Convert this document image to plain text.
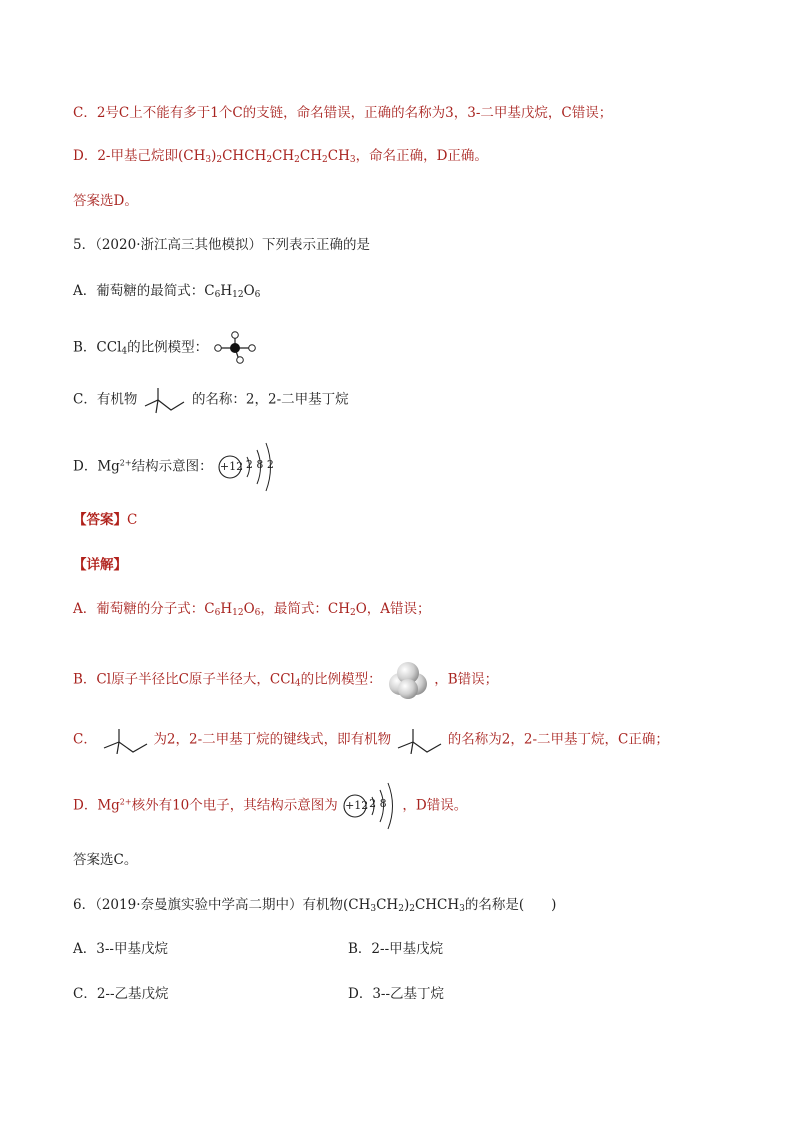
C．2号C上不能有多于1个C的支链，命名错误，正确的名称为3，3-二甲基戊烷，C错误；
D．2-甲基己烷即$(CH_3)_2CHCH_2CH_2CH_2CH_3$，命名正确，D正确。
答案选D。
5．（2020·浙江高三其他模拟）下列表示正确的是
A．葡萄糖的最简式：$C_6H_{12}O_6$
B．CCl$_4$的比例模型：
C．有机物	的名称：2，2-二甲基丁烷
D．$Mg^{2+}$结构示意图： +12 2 8 2
【答案】C
【详解】
A．葡萄糖的分子式：$C_6H_{12}O_6$，最简式：$CH_2O$，A错误；
B．Cl原子半径比C原子半径大，CCl$_4$的比例模型：	，B错误；
C．	为2，2-二甲基丁烷的键线式，即有机物	的名称为2，2-二甲基丁烷，C正确；
D．$Mg^{2+}$核外有10个电子，其结构示意图为 +12 2 8 ，D错误。
答案选C。
6．（2019·奈曼旗实验中学高二期中）有机物$(CH_3CH_2)_2CHCH_3$的名称是(　　)
A．3--甲基戊烷	B．2--甲基戊烷
C．2--乙基戊烷	D．3--乙基丁烷
